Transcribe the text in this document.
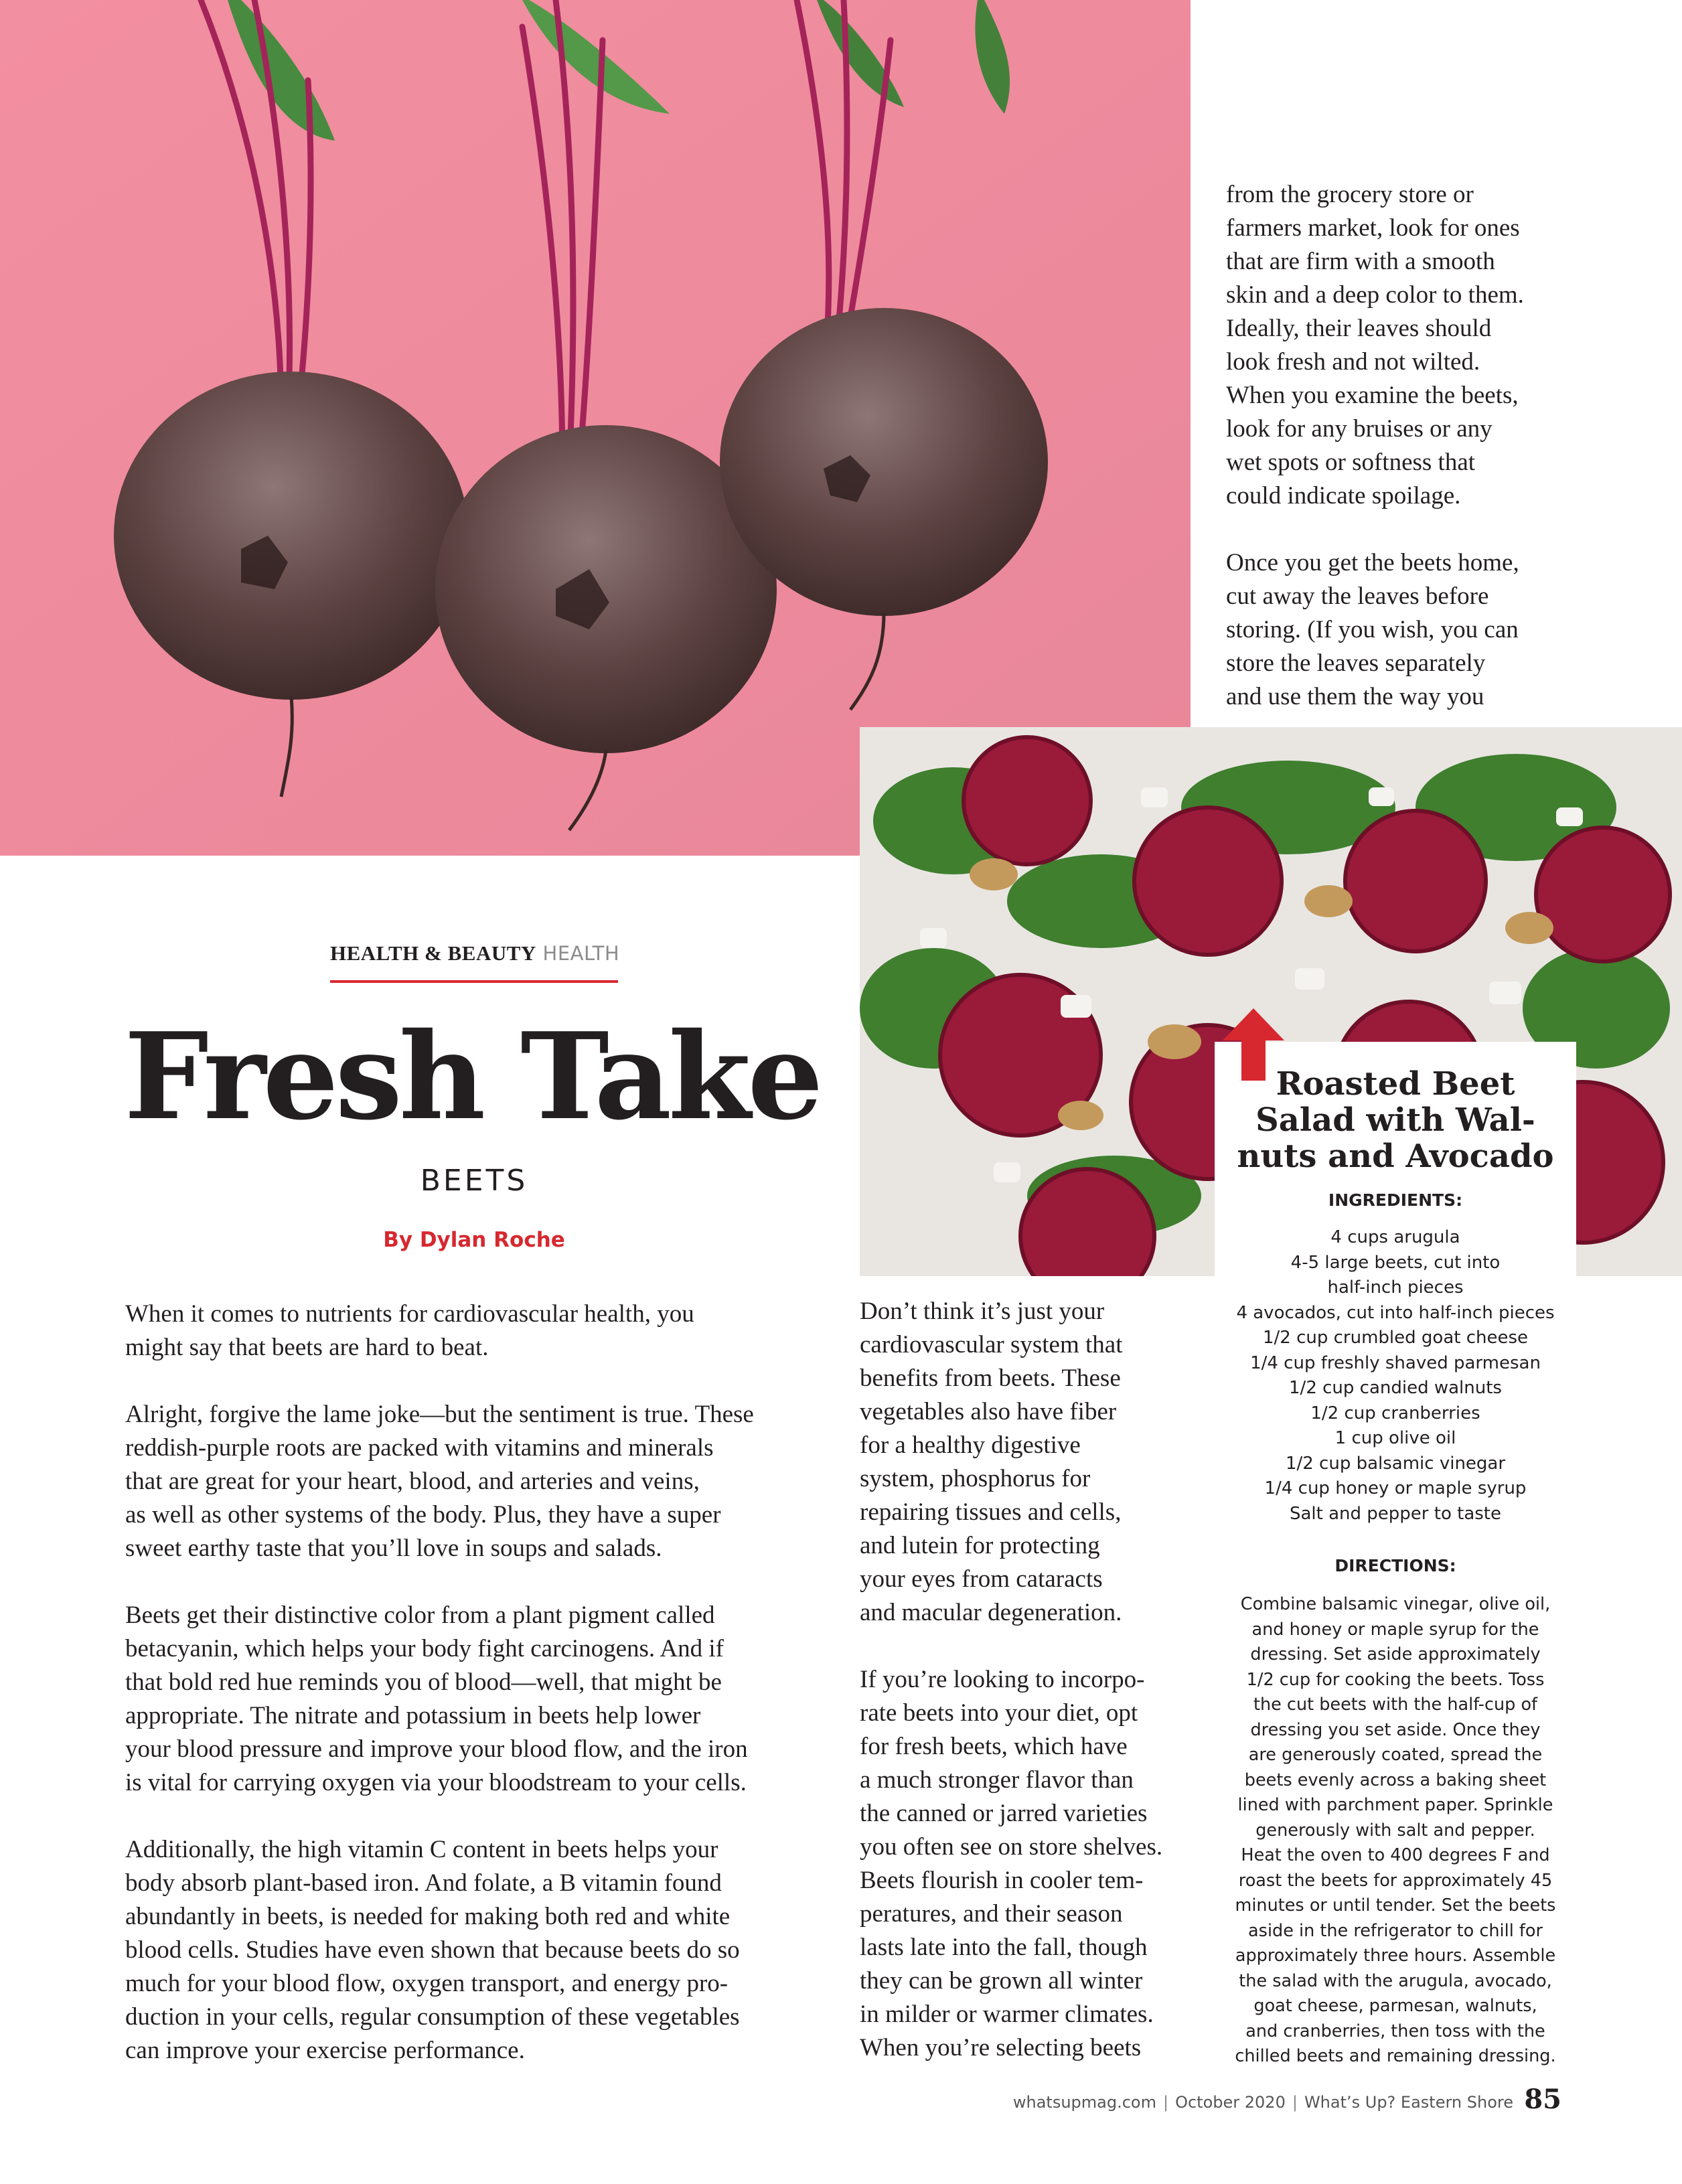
from the grocery store or
farmers market, look for ones
that are firm with a smooth
skin and a deep color to them.
Ideally, their leaves should
look fresh and not wilted.
When you examine the beets,
look for any bruises or any
wet spots or softness that
could indicate spoilage.

Once you get the beets home,
cut away the leaves before
storing. (If you wish, you can
store the leaves separately
and use them the way you

HEALTH & BEAUTY HEALTH
Fresh Take
BEETS
By Dylan Roche

When it comes to nutrients for cardiovascular health, you
might say that beets are hard to beat.

Alright, forgive the lame joke—but the sentiment is true. These
reddish-purple roots are packed with vitamins and minerals
that are great for your heart, blood, and arteries and veins,
as well as other systems of the body. Plus, they have a super
sweet earthy taste that you’ll love in soups and salads.

Beets get their distinctive color from a plant pigment called
betacyanin, which helps your body fight carcinogens. And if
that bold red hue reminds you of blood—well, that might be
appropriate. The nitrate and potassium in beets help lower
your blood pressure and improve your blood flow, and the iron
is vital for carrying oxygen via your bloodstream to your cells.

Additionally, the high vitamin C content in beets helps your
body absorb plant-based iron. And folate, a B vitamin found
abundantly in beets, is needed for making both red and white
blood cells. Studies have even shown that because beets do so
much for your blood flow, oxygen transport, and energy pro-
duction in your cells, regular consumption of these vegetables
can improve your exercise performance.

Don’t think it’s just your
cardiovascular system that
benefits from beets. These
vegetables also have fiber
for a healthy digestive
system, phosphorus for
repairing tissues and cells,
and lutein for protecting
your eyes from cataracts
and macular degeneration.

If you’re looking to incorpo-
rate beets into your diet, opt
for fresh beets, which have
a much stronger flavor than
the canned or jarred varieties
you often see on store shelves.
Beets flourish in cooler tem-
peratures, and their season
lasts late into the fall, though
they can be grown all winter
in milder or warmer climates.
When you’re selecting beets

Roasted Beet Salad with Wal-nuts and Avocado
INGREDIENTS:
4 cups arugula
4-5 large beets, cut into
half-inch pieces
4 avocados, cut into half-inch pieces
1/2 cup crumbled goat cheese
1/4 cup freshly shaved parmesan
1/2 cup candied walnuts
1/2 cup cranberries
1 cup olive oil
1/2 cup balsamic vinegar
1/4 cup honey or maple syrup
Salt and pepper to taste
DIRECTIONS:

Combine balsamic vinegar, olive oil,
and honey or maple syrup for the
dressing. Set aside approximately
1/2 cup for cooking the beets. Toss
the cut beets with the half-cup of
dressing you set aside. Once they
are generously coated, spread the
beets evenly across a baking sheet
lined with parchment paper. Sprinkle
generously with salt and pepper.
Heat the oven to 400 degrees F and
roast the beets for approximately 45
minutes or until tender. Set the beets
aside in the refrigerator to chill for
approximately three hours. Assemble
the salad with the arugula, avocado,
goat cheese, parmesan, walnuts,
and cranberries, then toss with the
chilled beets and remaining dressing.

whatsupmag.com | October 2020 | What’s Up? Eastern Shore 85
